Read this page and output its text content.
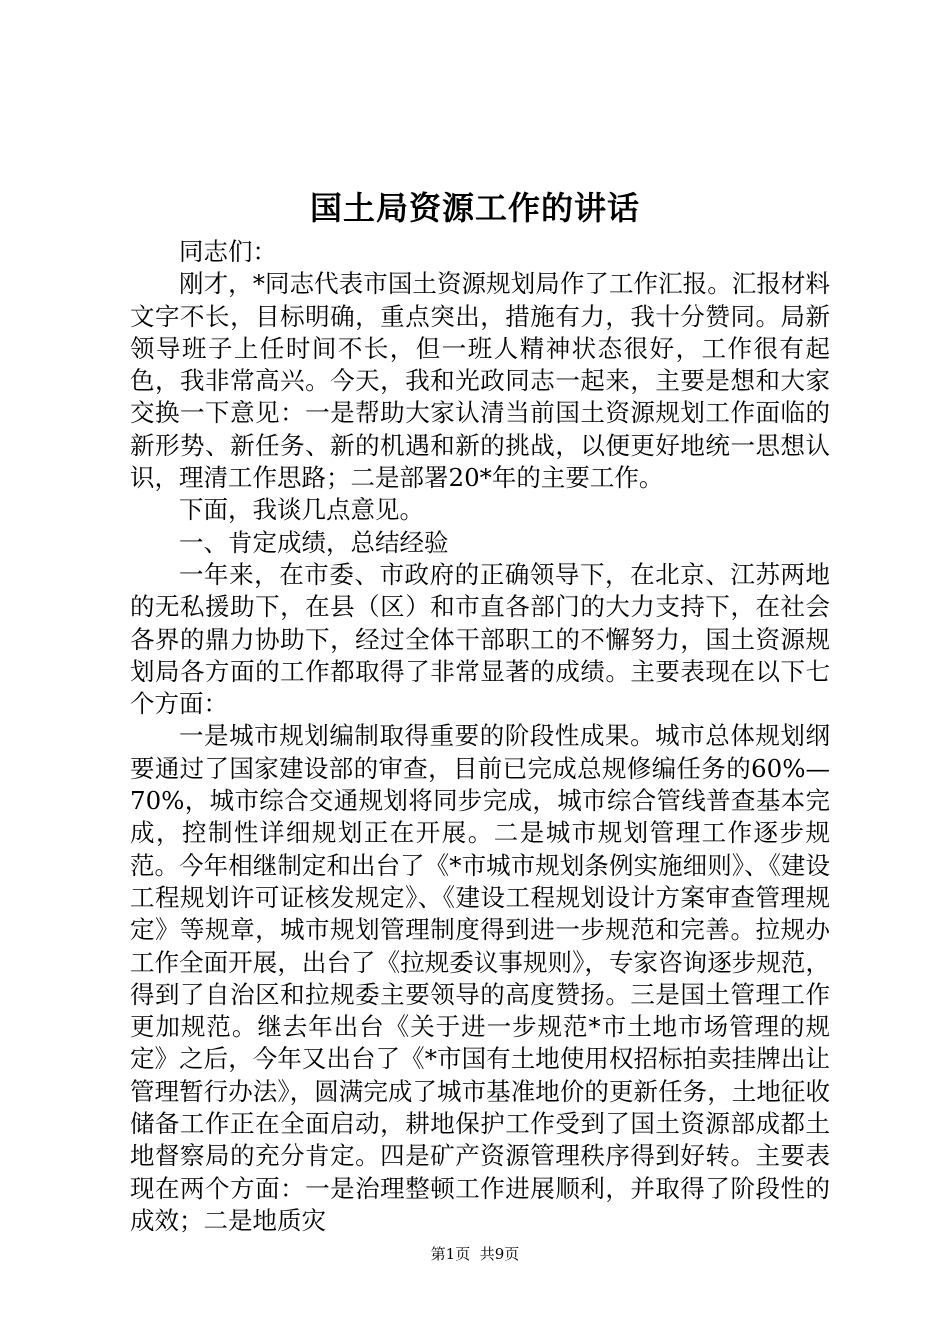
国土局资源工作的讲话

同志们：

刚才，*同志代表市国土资源规划局作了工作汇报。汇报材料文字不长，目标明确，重点突出，措施有力，我十分赞同。局新领导班子上任时间不长，但一班人精神状态很好，工作很有起色，我非常高兴。今天，我和光政同志一起来，主要是想和大家交换一下意见：一是帮助大家认清当前国土资源规划工作面临的新形势、新任务、新的机遇和新的挑战，以便更好地统一思想认识，理清工作思路；二是部署20*年的主要工作。

下面，我谈几点意见。

一、肯定成绩，总结经验

一年来，在市委、市政府的正确领导下，在北京、江苏两地的无私援助下，在县（区）和市直各部门的大力支持下，在社会各界的鼎力协助下，经过全体干部职工的不懈努力，国土资源规划局各方面的工作都取得了非常显著的成绩。主要表现在以下七个方面：

一是城市规划编制取得重要的阶段性成果。城市总体规划纲要通过了国家建设部的审查，目前已完成总规修编任务的60%—70%，城市综合交通规划将同步完成，城市综合管线普查基本完成，控制性详细规划正在开展。二是城市规划管理工作逐步规范。今年相继制定和出台了《*市城市规划条例实施细则》、《建设工程规划许可证核发规定》、《建设工程规划设计方案审查管理规定》等规章，城市规划管理制度得到进一步规范和完善。拉规办工作全面开展，出台了《拉规委议事规则》，专家咨询逐步规范，得到了自治区和拉规委主要领导的高度赞扬。三是国土管理工作更加规范。继去年出台《关于进一步规范*市土地市场管理的规定》之后，今年又出台了《*市国有土地使用权招标拍卖挂牌出让管理暂行办法》，圆满完成了城市基准地价的更新任务，土地征收储备工作正在全面启动，耕地保护工作受到了国土资源部成都土地督察局的充分肯定。四是矿产资源管理秩序得到好转。主要表现在两个方面：一是治理整顿工作进展顺利，并取得了阶段性的成效；二是地质灾

第1页 共9页
